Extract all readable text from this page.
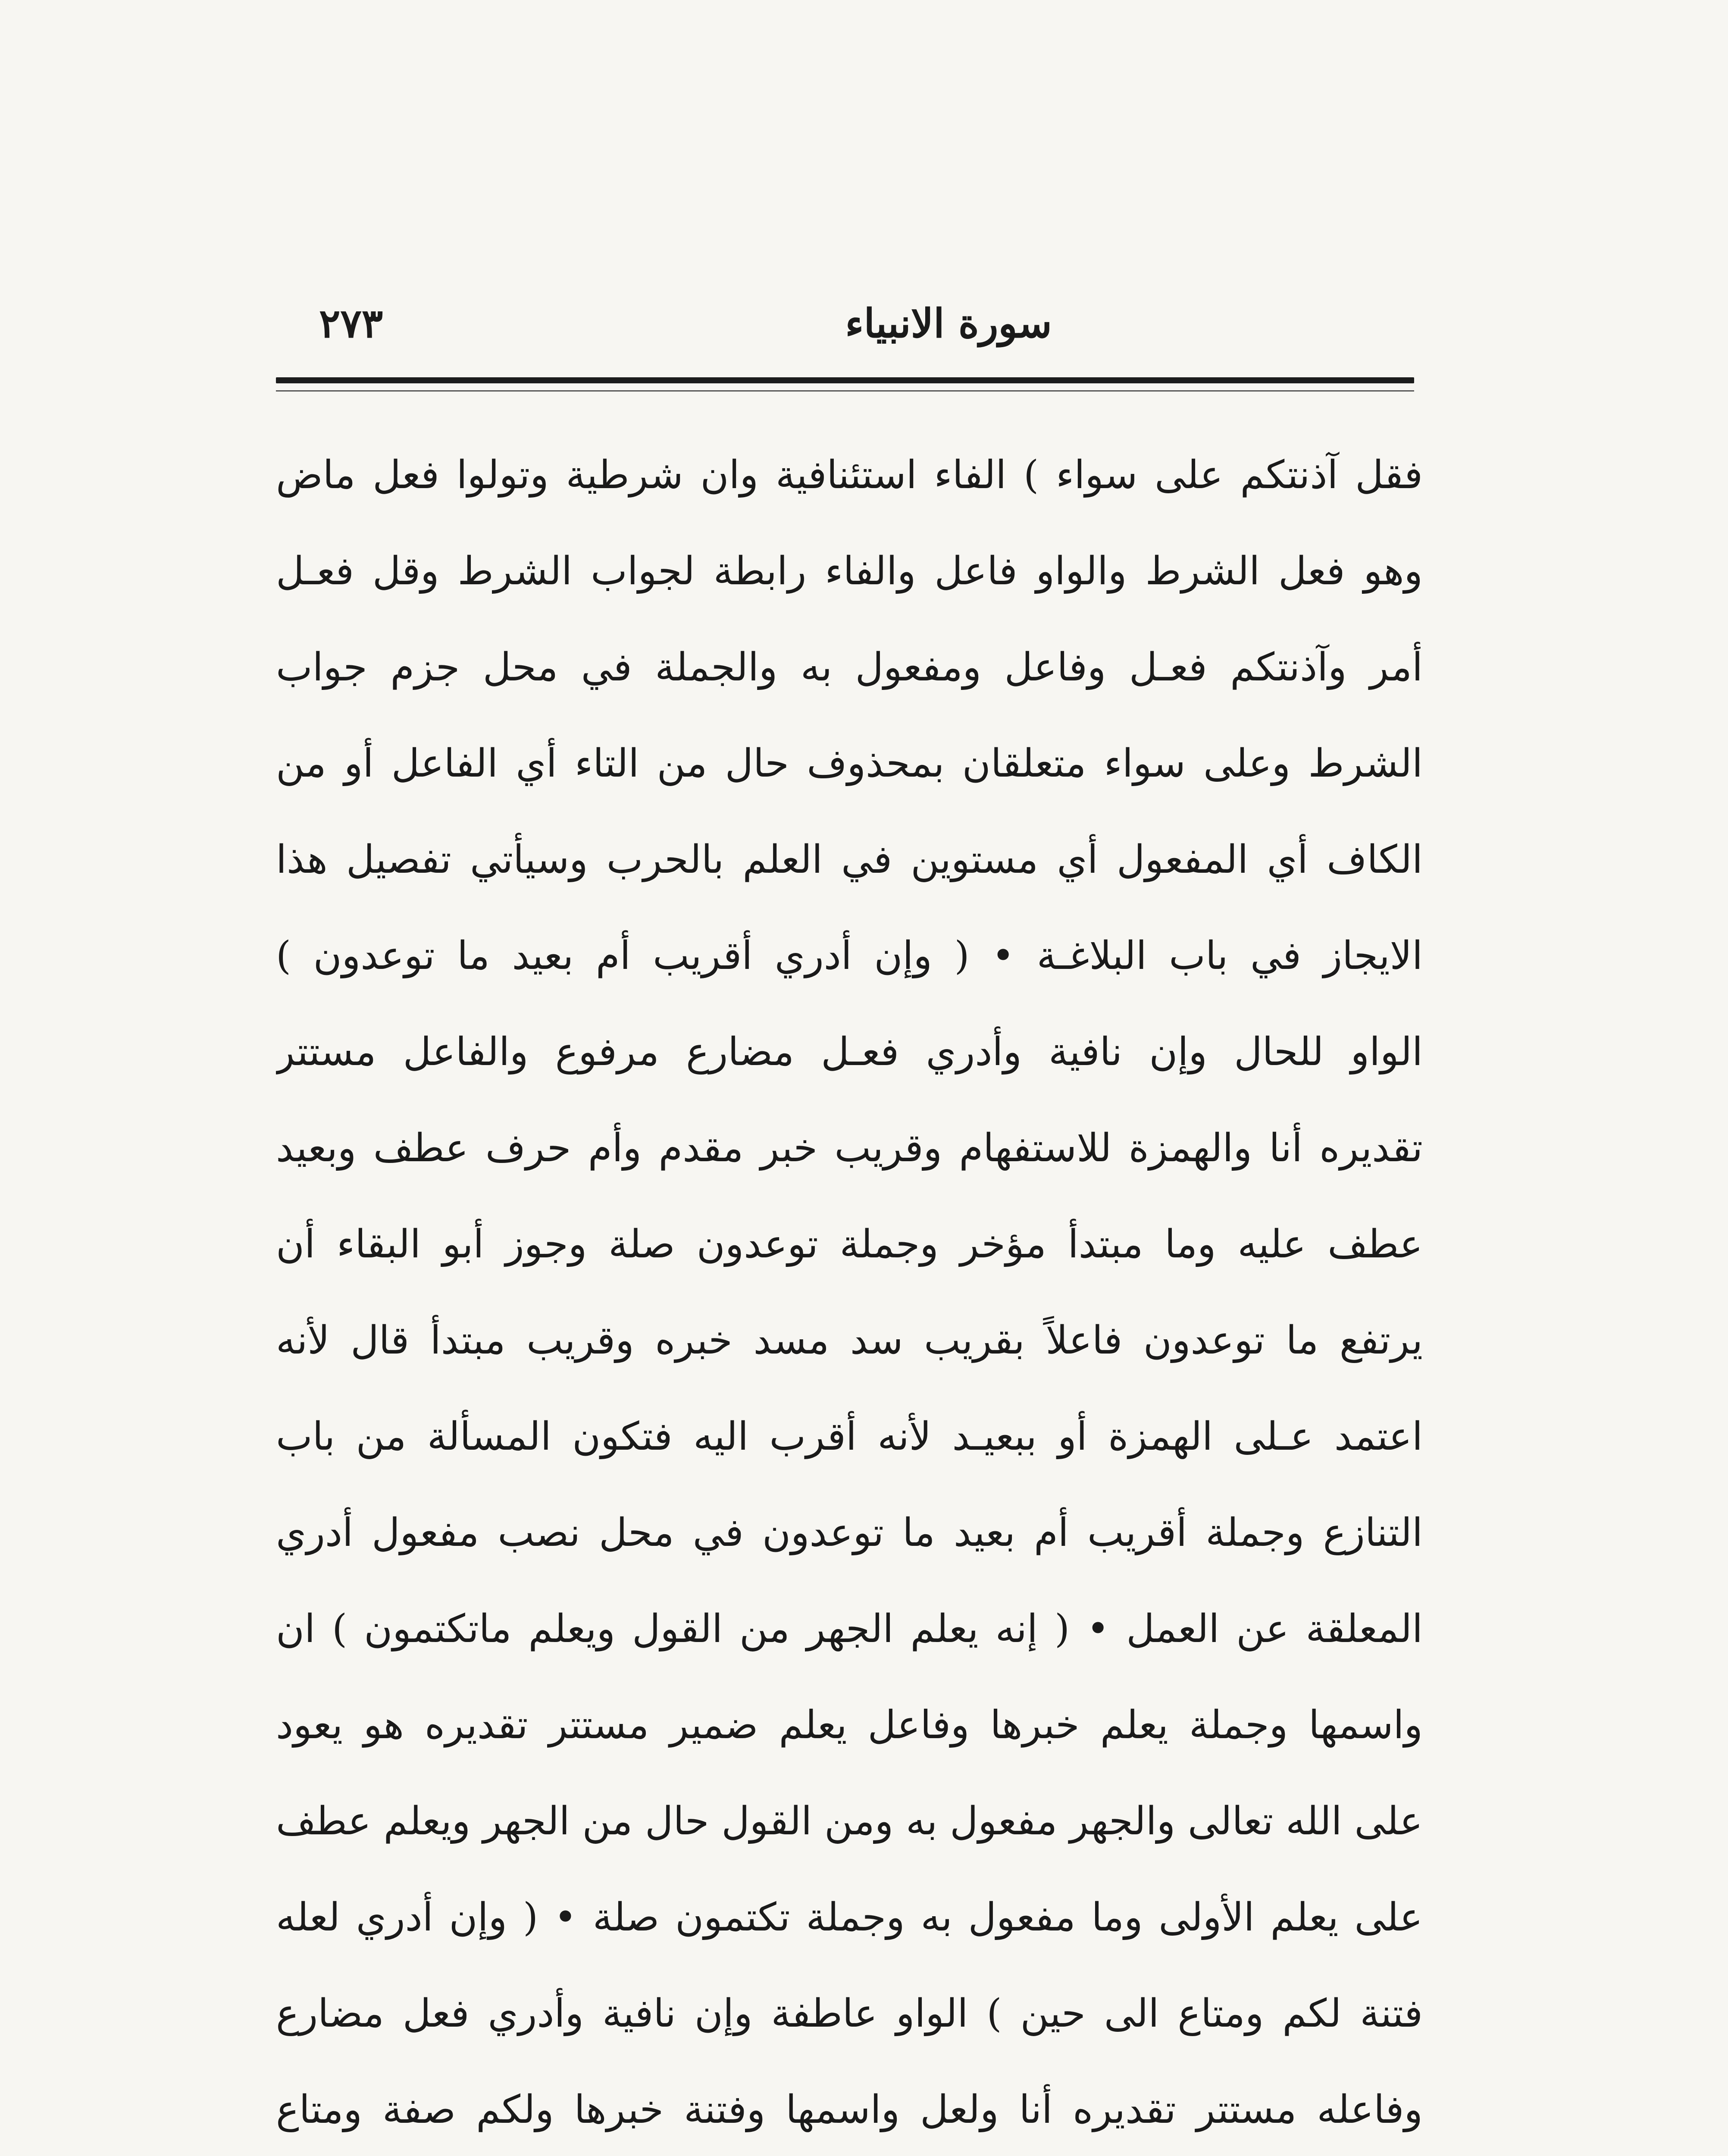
سورة الانبياء
٢٧٣
فقل آذنتكم على سواء ) الفاء استئنافية وان شرطية وتولوا فعل ماض
وهو فعل الشرط والواو فاعل والفاء رابطة لجواب الشرط وقل فعـل
أمر وآذنتكم فعـل وفاعل ومفعول به والجملة في محل جزم جواب
الشرط وعلى سواء متعلقان بمحذوف حال من التاء أي الفاعل أو من
الكاف أي المفعول أي مستوين في العلم بالحرب وسيأتي تفصيل هذا
الايجاز في باب البلاغـة • ( وإن أدري أقريب أم بعيد ما توعدون )
الواو للحال وإن نافية وأدري فعـل مضارع مرفوع والفاعل مستتر
تقديره أنا والهمزة للاستفهام وقريب خبر مقدم وأم حرف عطف وبعيد
عطف عليه وما مبتدأ مؤخر وجملة توعدون صلة وجوز أبو البقاء أن
يرتفع ما توعدون فاعلاً بقريب سد مسد خبره وقريب مبتدأ قال لأنه
اعتمد عـلى الهمزة أو ببعيـد لأنه أقرب اليه فتكون المسألة من باب
التنازع وجملة أقريب أم بعيد ما توعدون في محل نصب مفعول أدري
المعلقة عن العمل • ( إنه يعلم الجهر من القول ويعلم ماتكتمون ) ان
واسمها وجملة يعلم خبرها وفاعل يعلم ضمير مستتر تقديره هو يعود
على الله تعالى والجهر مفعول به ومن القول حال من الجهر ويعلم عطف
على يعلم الأولى وما مفعول به وجملة تكتمون صلة • ( وإن أدري لعله
فتنة لكم ومتاع الى حين ) الواو عاطفة وإن نافية وأدري فعل مضارع
وفاعله مستتر تقديره أنا ولعل واسمها وفتنة خبرها ولكم صفة ومتاع
